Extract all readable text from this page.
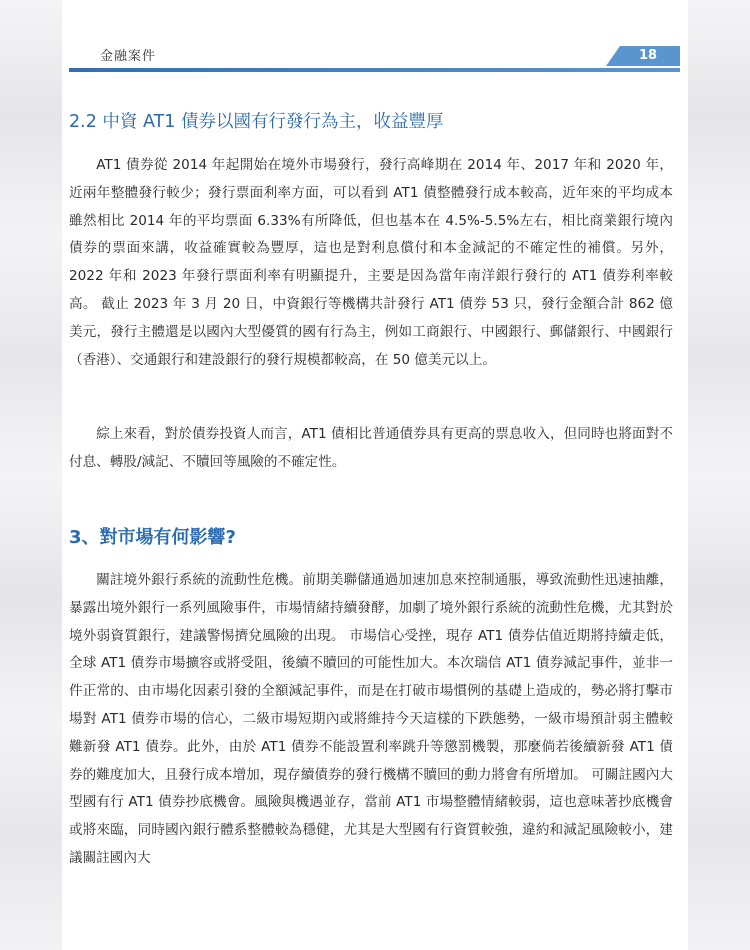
金融案件	18
2.2 中資 AT1 債券以國有行發行為主，收益豐厚

AT1 債券從 2014 年起開始在境外市場發行，發行高峰期在 2014 年、2017 年和 2020 年，近兩年整體發行較少；發行票面利率方面，可以看到 AT1 債整體發行成本較高，近年來的平均成本雖然相比 2014 年的平均票面 6.33%有所降低，但也基本在 4.5%-5.5%左右，相比商業銀行境內債券的票面來講，收益確實較為豐厚，這也是對利息償付和本金減記的不確定性的補償。另外，2022 年和 2023 年發行票面利率有明顯提升，主要是因為當年南洋銀行發行的 AT1 債券利率較高。 截止 2023 年 3 月 20 日，中資銀行等機構共計發行 AT1 債券 53 只，發行金額合計 862 億美元，發行主體還是以國內大型優質的國有行為主，例如工商銀行、中國銀行、郵儲銀行、中國銀行（香港）、交通銀行和建設銀行的發行規模都較高，在 50 億美元以上。

綜上來看，對於債券投資人而言，AT1 債相比普通債券具有更高的票息收入，但同時也將面對不付息、轉股/減記、不贖回等風險的不確定性。

3、對市場有何影響?

關註境外銀行系統的流動性危機。前期美聯儲通過加速加息來控制通脹，導致流動性迅速抽離，暴露出境外銀行一系列風險事件，市場情緒持續發酵，加劇了境外銀行系統的流動性危機，尤其對於境外弱資質銀行，建議警惕擠兌風險的出現。 市場信心受挫，現存 AT1 債券估值近期將持續走低，全球 AT1 債券市場擴容或將受阻，後續不贖回的可能性加大。本次瑞信 AT1 債券減記事件，並非一件正常的、由市場化因素引發的全額減記事件，而是在打破市場慣例的基礎上造成的，勢必將打擊市場對 AT1 債券市場的信心，二級市場短期內或將維持今天這樣的下跌態勢，一級市場預計弱主體較難新發 AT1 債券。此外，由於 AT1 債券不能設置利率跳升等懲罰機製，那麼倘若後續新發 AT1 債券的難度加大，且發行成本增加，現存續債券的發行機構不贖回的動力將會有所增加。 可關註國內大型國有行 AT1 債券抄底機會。風險與機遇並存，當前 AT1 市場整體情緒較弱，這也意味著抄底機會或將來臨，同時國內銀行體系整體較為穩健，尤其是大型國有行資質較強，違約和減記風險較小，建議關註國內大
